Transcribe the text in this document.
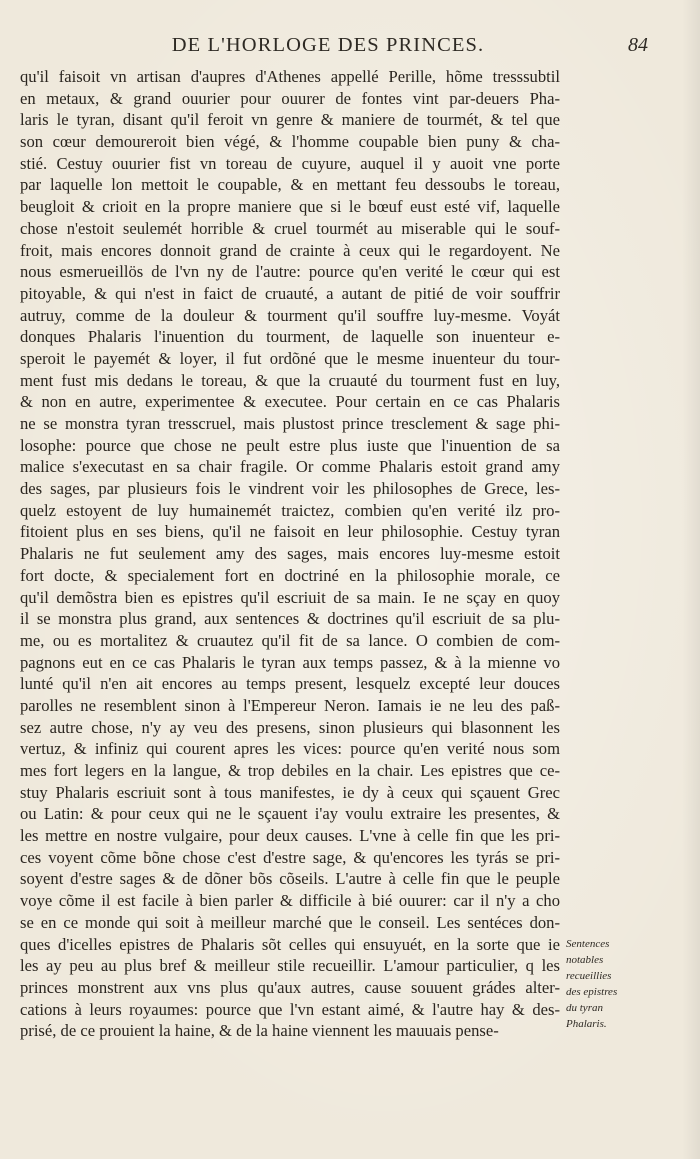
DE L'HORLOGE DES PRINCES.	84
qu'il faisoit vn artisan d'aupres d'Athenes appellé Perille, hõme tresssubtil
en metaux, & grand ouurier pour ouurer de fontes vint par-deuers Pha-
laris le tyran, disant qu'il feroit vn genre & maniere de tourmét, & tel que
son cœur demoureroit bien végé, & l'homme coupable bien puny & cha-
stié. Cestuy ouurier fist vn toreau de cuyure, auquel il y auoit vne porte
par laquelle lon mettoit le coupable, & en mettant feu dessoubs le toreau,
beugloit & crioit en la propre maniere que si le bœuf eust esté vif, laquelle
chose n'estoit seulemét horrible & cruel tourmét au miserable qui le souf-
froit, mais encores donnoit grand de crainte à ceux qui le regardoyent. Ne
nous esmerueillös de l'vn ny de l'autre: pource qu'en verité le cœur qui est
pitoyable, & qui n'est in faict de cruauté, a autant de pitié de voir souffrir
autruy, comme de la douleur & tourment qu'il souffre luy-mesme. Voyát
donques Phalaris l'inuention du tourment, de laquelle son inuenteur e-
speroit le payemét & loyer, il fut ordõné que le mesme inuenteur du tour-
ment fust mis dedans le toreau, & que la cruauté du tourment fust en luy,
& non en autre, experimentee & executee. Pour certain en ce cas Phalaris
ne se monstra tyran tresscruel, mais plustost prince tresclement & sage phi-
losophe: pource que chose ne peult estre plus iuste que l'inuention de sa
malice s'executast en sa chair fragile. Or comme Phalaris estoit grand amy
des sages, par plusieurs fois le vindrent voir les philosophes de Grece, les-
quelz estoyent de luy humainemét traictez, combien qu'en verité ilz pro-
fitoient plus en ses biens, qu'il ne faisoit en leur philosophie. Cestuy tyran
Phalaris ne fut seulement amy des sages, mais encores luy-mesme estoit
fort docte, & specialement fort en doctriné en la philosophie morale, ce
qu'il demõstra bien es epistres qu'il escriuit de sa main. Ie ne sçay en quoy
il se monstra plus grand, aux sentences & doctrines qu'il escriuit de sa plu-
me, ou es mortalitez & cruautez qu'il fit de sa lance. O combien de com-
pagnons eut en ce cas Phalaris le tyran aux temps passez, & à la mienne vo
lunté qu'il n'en ait encores au temps present, lesquelz excepté leur douces
parolles ne resemblent sinon à l'Empereur Neron. Iamais ie ne leu des paß-
sez autre chose, n'y ay veu des presens, sinon plusieurs qui blasonnent les
vertuz, & infiniz qui courent apres les vices: pource qu'en verité nous som
mes fort legers en la langue, & trop debiles en la chair. Les epistres que ce-
stuy Phalaris escriuit sont à tous manifestes, ie dy à ceux qui sçauent Grec
ou Latin: & pour ceux qui ne le sçauent i'ay voulu extraire les presentes, &
les mettre en nostre vulgaire, pour deux causes. L'vne à celle fin que les pri-
ces voyent cõme bõne chose c'est d'estre sage, & qu'encores les tyrás se pri-
soyent d'estre sages & de dõner bõs cõseils. L'autre à celle fin que le peuple
voye cõme il est facile à bien parler & difficile à bié ouurer: car il n'y a cho
se en ce monde qui soit à meilleur marché que le conseil. Les sentéces don-
ques d'icelles epistres de Phalaris sõt celles qui ensuyuét, en la sorte que ie
les ay peu au plus bref & meilleur stile recueillir. L'amour particulier, q les
princes monstrent aux vns plus qu'aux autres, cause souuent grádes alter-
cations à leurs royaumes: pource que l'vn estant aimé, & l'autre hay & des-
prisé, de ce prouient la haine, & de la haine viennent les mauuais pense-
Sentences
notables
recueillies
des epistres
du tyran
Phalaris.
